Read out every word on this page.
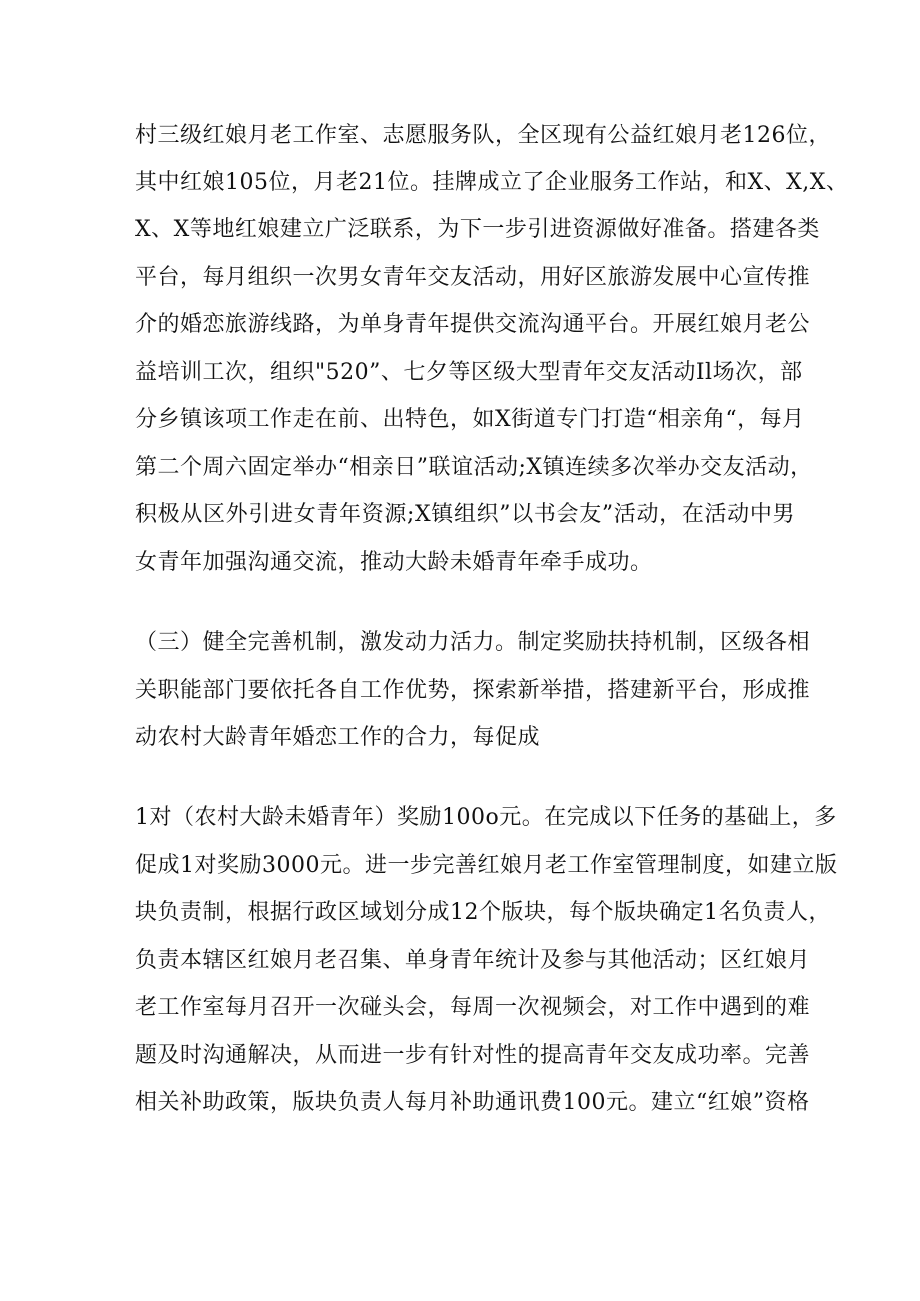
村三级红娘月老工作室、志愿服务队，全区现有公益红娘月老126位，
其中红娘105位，月老21位。挂牌成立了企业服务工作站，和X、X,X、
X、X等地红娘建立广泛联系，为下一步引进资源做好准备。搭建各类
平台，每月组织一次男女青年交友活动，用好区旅游发展中心宣传推
介的婚恋旅游线路，为单身青年提供交流沟通平台。开展红娘月老公
益培训工次，组织"520”、七夕等区级大型青年交友活动Il场次，部
分乡镇该项工作走在前、出特色，如X街道专门打造“相亲角“，每月
第二个周六固定举办“相亲日”联谊活动;X镇连续多次举办交友活动，
积极从区外引进女青年资源;X镇组织”以书会友”活动，在活动中男
女青年加强沟通交流，推动大龄未婚青年牵手成功。
（三）健全完善机制，激发动力活力。制定奖励扶持机制，区级各相
关职能部门要依托各自工作优势，探索新举措，搭建新平台，形成推
动农村大龄青年婚恋工作的合力，每促成
1对（农村大龄未婚青年）奖励100o元。在完成以下任务的基础上，多
促成1对奖励3000元。进一步完善红娘月老工作室管理制度，如建立版
块负责制，根据行政区域划分成12个版块，每个版块确定1名负责人，
负责本辖区红娘月老召集、单身青年统计及参与其他活动；区红娘月
老工作室每月召开一次碰头会，每周一次视频会，对工作中遇到的难
题及时沟通解决，从而进一步有针对性的提高青年交友成功率。完善
相关补助政策，版块负责人每月补助通讯费100元。建立“红娘”资格
